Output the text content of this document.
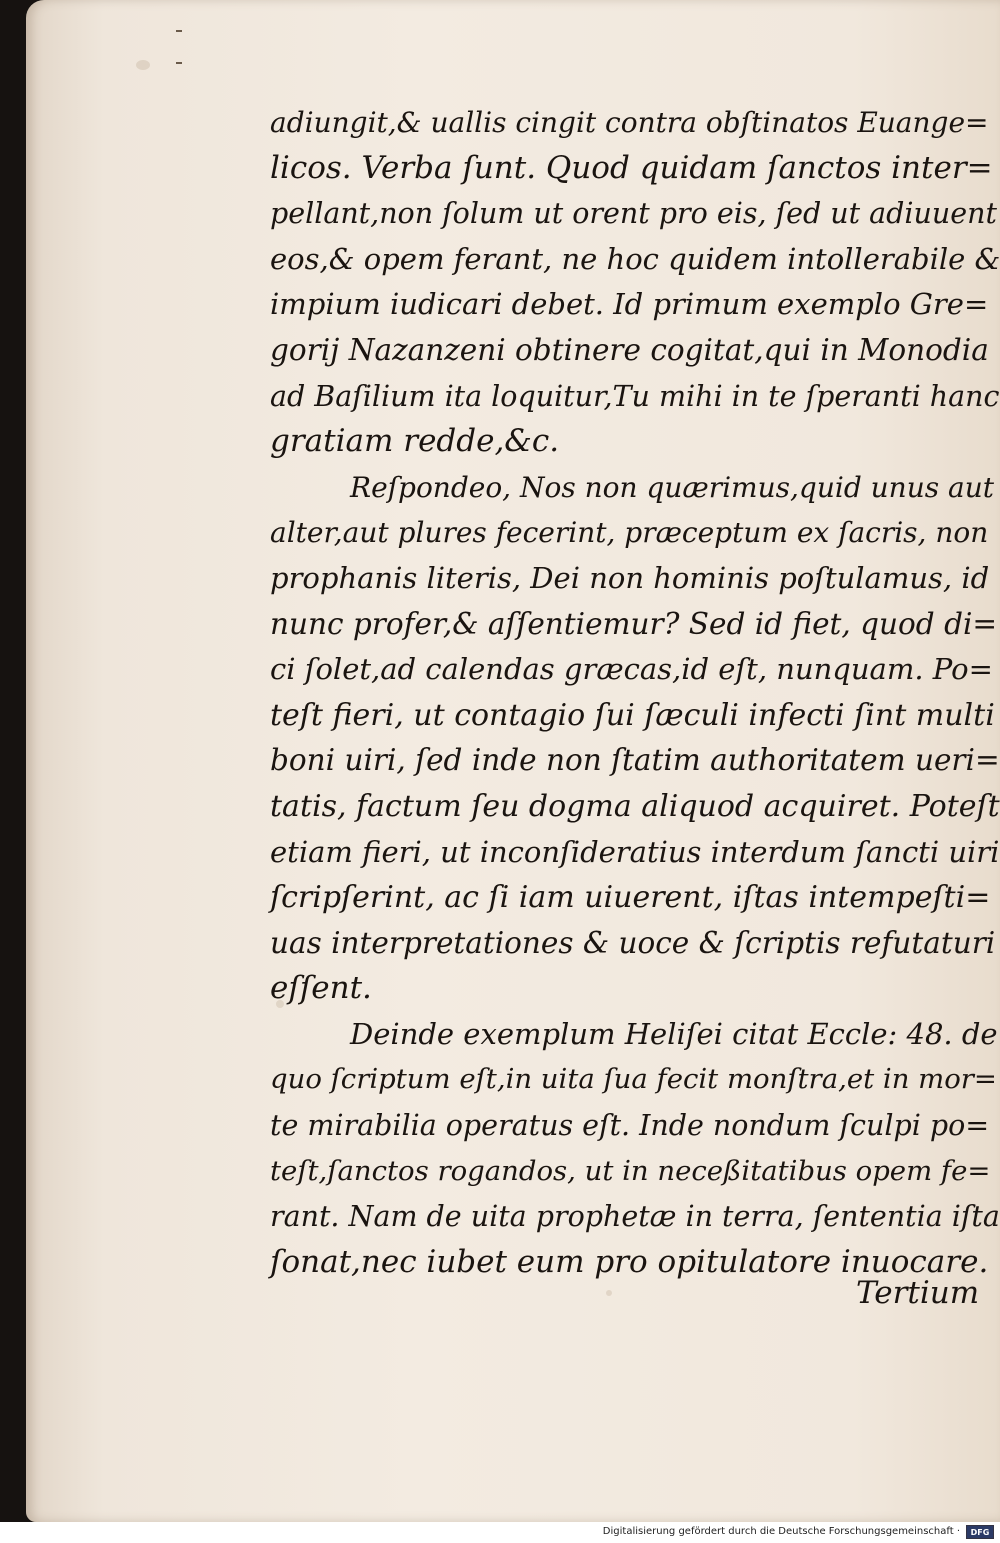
adiungit,& uallis cingit contra obſtinatos Euange=
licos. Verba ſunt. Quod quidam ſanctos inter=
pellant,non ſolum ut orent pro eis, ſed ut adiuuent
eos,& opem ferant, ne hoc quidem intollerabile &
impium iudicari debet. Id primum exemplo Gre=
gorij Nazanzeni obtinere cogitat,qui in Monodia
ad Baſilium ita loquitur,Tu mihi in te ſperanti hanc
gratiam redde,&c.
Reſpondeo, Nos non quærimus,quid unus aut
alter,aut plures fecerint, præceptum ex ſacris, non
prophanis literis, Dei non hominis poſtulamus, id
nunc profer,& aſſentiemur? Sed id fiet, quod di=
ci ſolet,ad calendas græcas,id eſt, nunquam. Po=
teſt fieri, ut contagio ſui ſæculi infecti ſint multi
boni uiri, ſed inde non ſtatim authoritatem ueri=
tatis, factum ſeu dogma aliquod acquiret. Poteſt
etiam fieri, ut inconſideratius interdum ſancti uiri
ſcripſerint, ac ſi iam uiuerent, iſtas intempeſti=
uas interpretationes & uoce & ſcriptis refutaturi
eſſent.
Deinde exemplum Heliſei citat Eccle: 48. de
quo ſcriptum eſt,in uita ſua fecit monſtra,et in mor=
te mirabilia operatus eſt. Inde nondum ſculpi po=
teſt,ſanctos rogandos, ut in neceßitatibus opem fe=
rant. Nam de uita prophetæ in terra, ſententia iſta
ſonat,nec iubet eum pro opitulatore inuocare.
Tertium
Digitalisierung gefördert durch die Deutsche Forschungsgemeinschaft ·	DFG
